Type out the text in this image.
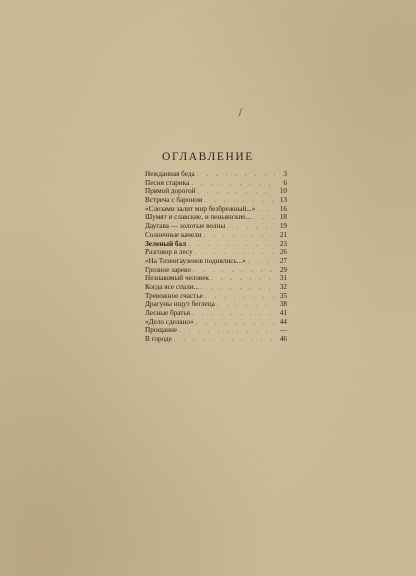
ОГЛАВЛЕНИЕ
Нежданная беда . . .	3
Песня старика . . .	6
Прямой дорогой . . .	10
Встреча с бароном . . .	13
«Слезами залит мир безбрежный...» . . .	16
Шумят и славские, и пеньянские... . . .	18
Даугава — золотые волны . . .	19
Солнечные качели . . .	21
Зеленый бал . . .	23
Разговор в лесу . . .	26
«На Тизенгаузенов поднялись...» . . .	27
Грозное зарево . . .	29
Незнакомый человек . . .	31
Когда все спали... . . .	32
Тревожное счастье . . .	35
Драгуны ищут беглеца . . .	38
Лесные братья . . .	41
«Дело сделано» . . .	44
Прощание . . .	—
В городе . . .	46
